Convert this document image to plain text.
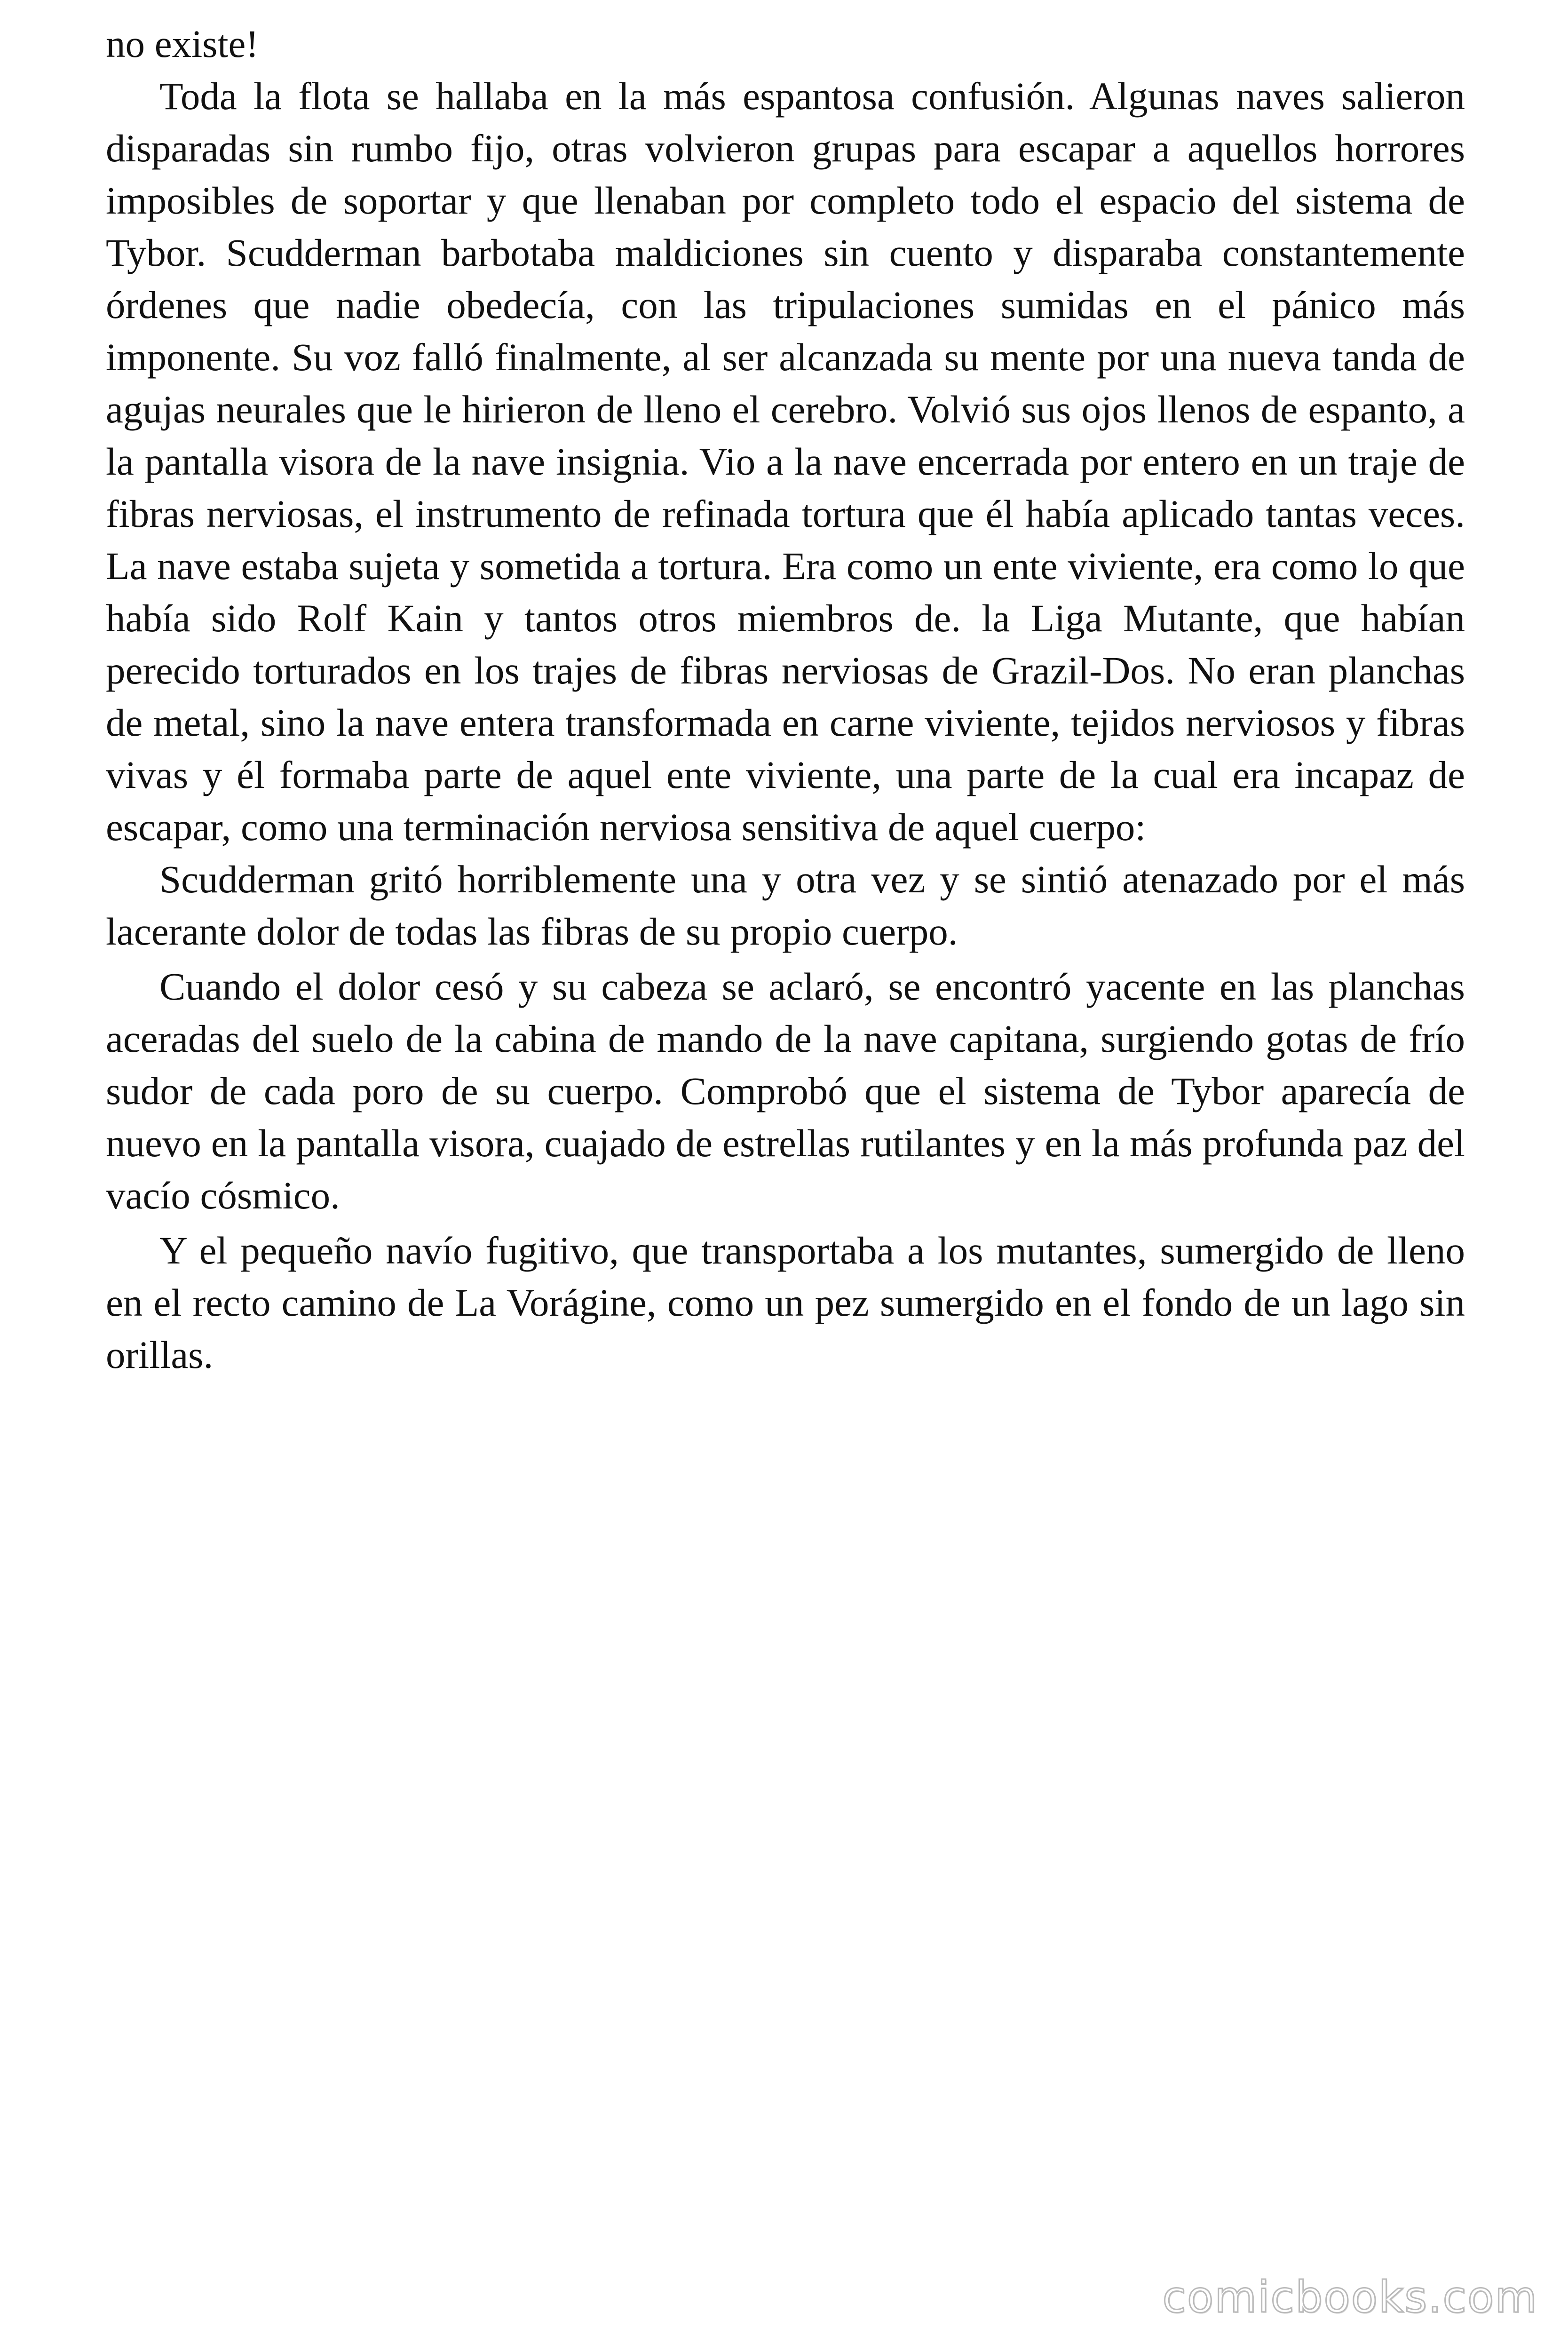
no existe!

Toda la flota se hallaba en la más espantosa confusión. Algunas naves salieron disparadas sin rumbo fijo, otras volvieron grupas para escapar a aquellos horrores imposibles de soportar y que llenaban por completo todo el espacio del sistema de Tybor. Scudderman barbotaba maldiciones sin cuento y disparaba constantemente órdenes que nadie obedecía, con las tripulaciones sumidas en el pánico más imponente. Su voz falló finalmente, al ser alcanzada su mente por una nueva tanda de agujas neurales que le hirieron de lleno el cerebro. Volvió sus ojos llenos de espanto, a la pantalla visora de la nave insignia. Vio a la nave encerrada por entero en un traje de fibras nerviosas, el instrumento de refinada tortura que él había aplicado tantas veces. La nave estaba sujeta y sometida a tortura. Era como un ente viviente, era como lo que había sido Rolf Kain y tantos otros miembros de. la Liga Mutante, que habían perecido torturados en los trajes de fibras nerviosas de Grazil-Dos. No eran planchas de metal, sino la nave entera transformada en carne viviente, tejidos nerviosos y fibras vivas y él formaba parte de aquel ente viviente, una parte de la cual era incapaz de escapar, como una terminación nerviosa sensitiva de aquel cuerpo:

Scudderman gritó horriblemente una y otra vez y se sintió atenazado por el más lacerante dolor de todas las fibras de su propio cuerpo.

Cuando el dolor cesó y su cabeza se aclaró, se encontró yacente en las planchas aceradas del suelo de la cabina de mando de la nave capitana, surgiendo gotas de frío sudor de cada poro de su cuerpo. Comprobó que el sistema de Tybor aparecía de nuevo en la pantalla visora, cuajado de estrellas rutilantes y en la más profunda paz del vacío cósmico.

Y el pequeño navío fugitivo, que transportaba a los mutantes, sumergido de lleno en el recto camino de La Vorágine, como un pez sumergido en el fondo de un lago sin orillas.

comicbooks.com
